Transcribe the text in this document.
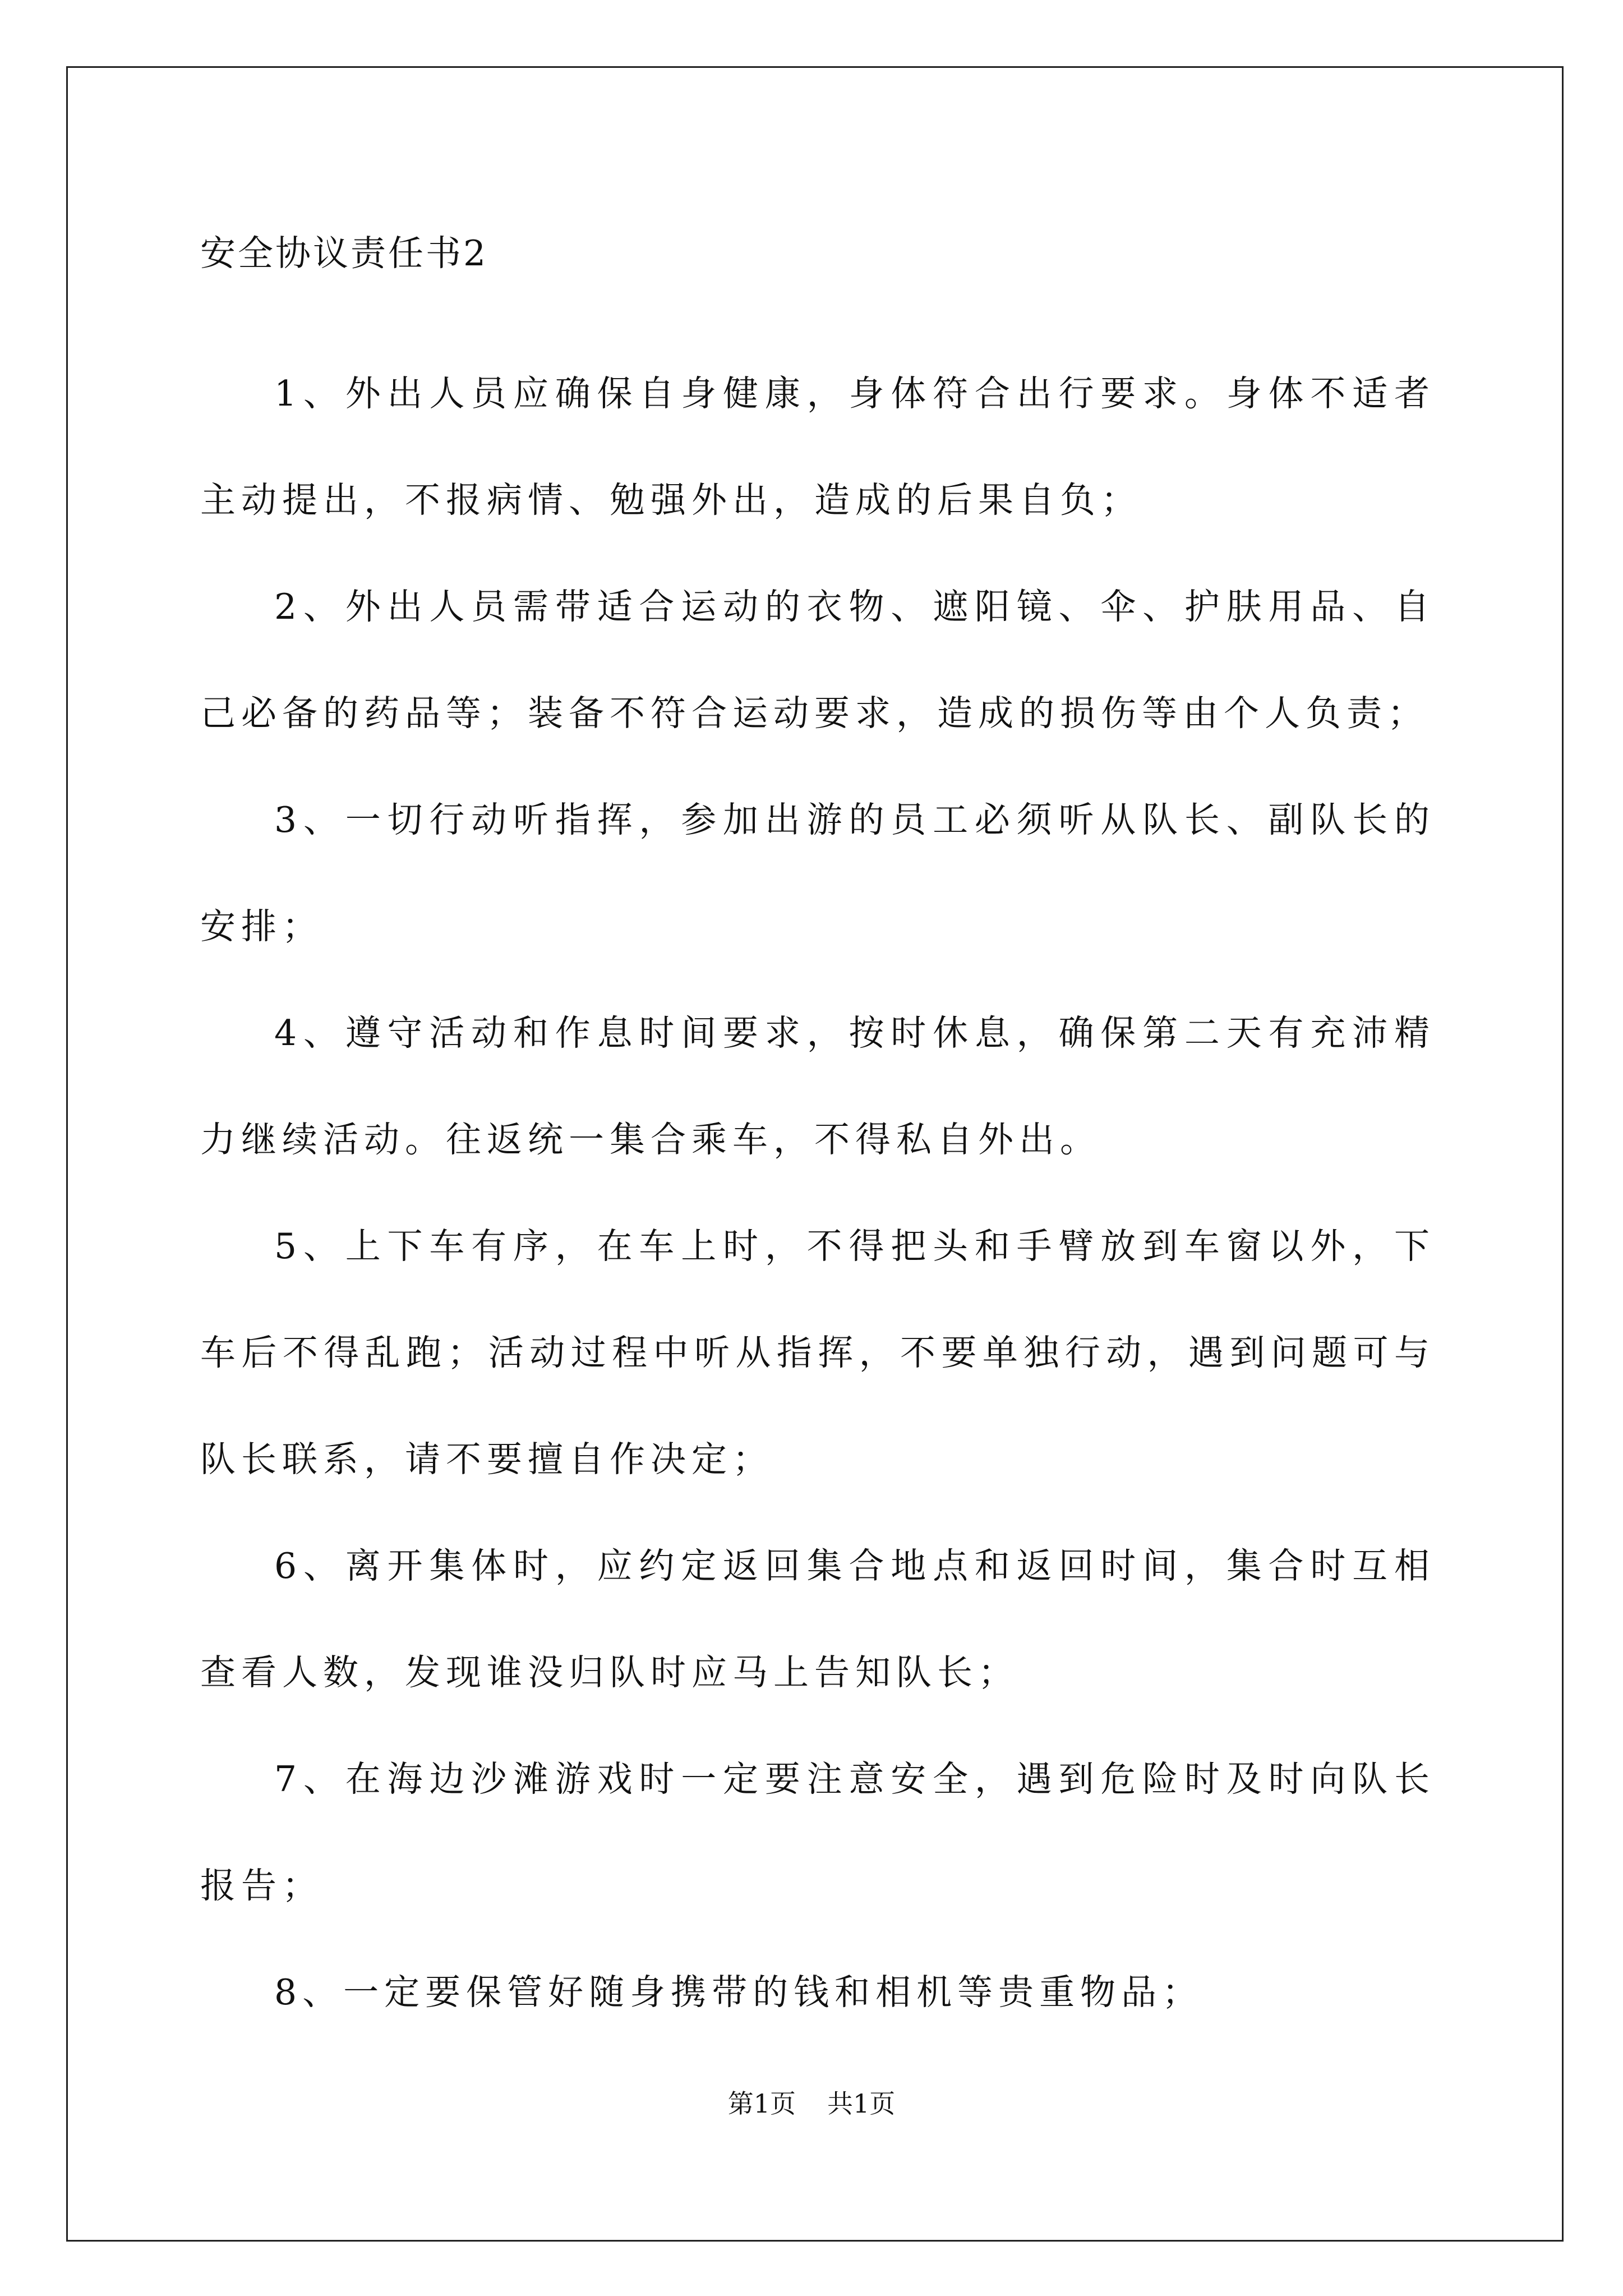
安全协议责任书2

1、外出人员应确保自身健康，身体符合出行要求。身体不适者主动提出，不报病情、勉强外出，造成的后果自负；

2、外出人员需带适合运动的衣物、遮阳镜、伞、护肤用品、自己必备的药品等；装备不符合运动要求，造成的损伤等由个人负责；

3、一切行动听指挥，参加出游的员工必须听从队长、副队长的安排；

4、遵守活动和作息时间要求，按时休息，确保第二天有充沛精力继续活动。往返统一集合乘车，不得私自外出。

5、上下车有序，在车上时，不得把头和手臂放到车窗以外，下车后不得乱跑；活动过程中听从指挥，不要单独行动，遇到问题可与队长联系，请不要擅自作决定；

6、离开集体时，应约定返回集合地点和返回时间，集合时互相查看人数，发现谁没归队时应马上告知队长；

7、在海边沙滩游戏时一定要注意安全，遇到危险时及时向队长报告；

8、一定要保管好随身携带的钱和相机等贵重物品；

第1页 共1页
